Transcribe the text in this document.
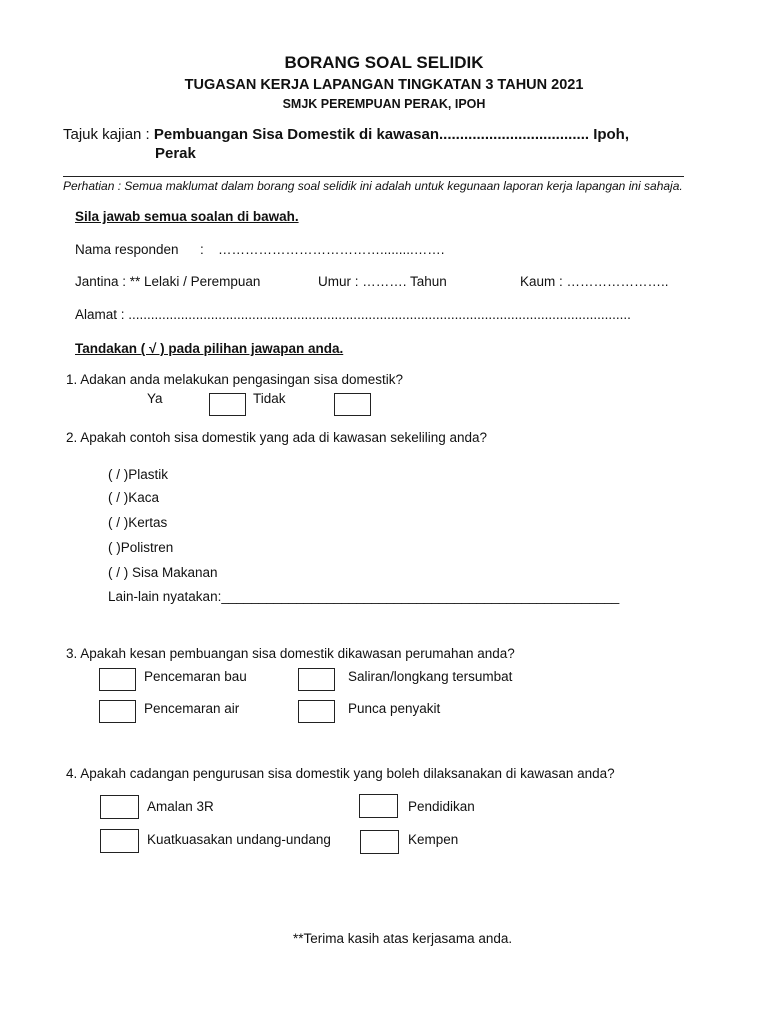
BORANG SOAL SELIDIK
TUGASAN KERJA LAPANGAN TINGKATAN 3 TAHUN 2021
SMJK PEREMPUAN PERAK, IPOH
Tajuk kajian : Pembuangan Sisa Domestik di kawasan.................................... Ipoh,
Perak
Perhatian : Semua maklumat dalam borang soal selidik ini adalah untuk kegunaan laporan kerja lapangan ini sahaja.
Sila jawab semua soalan di bawah.
Nama responden : ……………………………….........…….
Jantina : ** Lelaki / Perempuan	Umur : ………. Tahun	Kaum : …………………..
Alamat : ......................................................................................................................................
Tandakan ( √ ) pada pilihan jawapan anda.
1. Adakan anda melakukan pengasingan sisa domestik?
Ya	Tidak
2. Apakah contoh sisa domestik yang ada di kawasan sekeliling anda?
( / )Plastik
( / )Kaca
( / )Kertas
( )Polistren
( / ) Sisa Makanan
Lain-lain nyatakan:_____________________________________________________
3. Apakah kesan pembuangan sisa domestik dikawasan perumahan anda?
Pencemaran bau	Saliran/longkang tersumbat
Pencemaran air	Punca penyakit
4. Apakah cadangan pengurusan sisa domestik yang boleh dilaksanakan di kawasan anda?
Amalan 3R	Pendidikan
Kuatkuasakan undang-undang	Kempen
**Terima kasih atas kerjasama anda.
